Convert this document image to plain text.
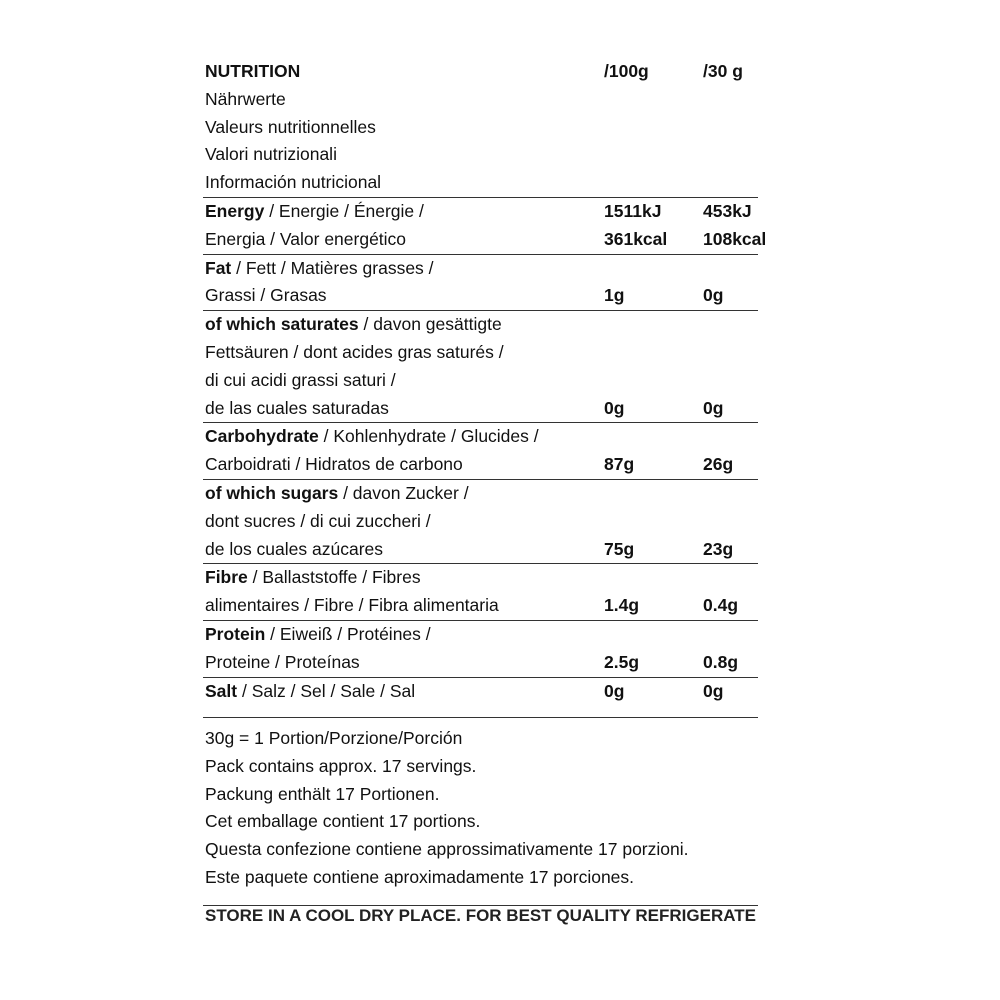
NUTRITION	/100g	/30 g
Nährwerte
Valeurs nutritionnelles
Valori nutrizionali
Información nutricional
Energy / Energie / Énergie /	1511kJ 453kJ
Energia / Valor energético	361kcal 108kcal
Fat / Fett / Matières grasses /
Grassi / Grasas	1g	0g
of which saturates / davon gesättigte
Fettsäuren / dont acides gras saturés /
di cui acidi grassi saturi /
de las cuales saturadas	0g	0g
Carbohydrate / Kohlenhydrate / Glucides /
Carboidrati / Hidratos de carbono	87g	26g
of which sugars / davon Zucker /
dont sucres / di cui zuccheri /
de los cuales azúcares	75g	23g
Fibre / Ballaststoffe / Fibres
alimentaires / Fibre / Fibra alimentaria	1.4g	0.4g
Protein / Eiweiß / Protéines /
Proteine / Proteínas	2.5g	0.8g
Salt / Salz / Sel / Sale / Sal	0g	0g
30g = 1 Portion/Porzione/Porción
Pack contains approx. 17 servings.
Packung enthält 17 Portionen.
Cet emballage contient 17 portions.
Questa confezione contiene approssimativamente 17 porzioni.
Este paquete contiene aproximadamente 17 porciones.
STORE IN A COOL DRY PLACE. FOR BEST QUALITY REFRIGERATE
